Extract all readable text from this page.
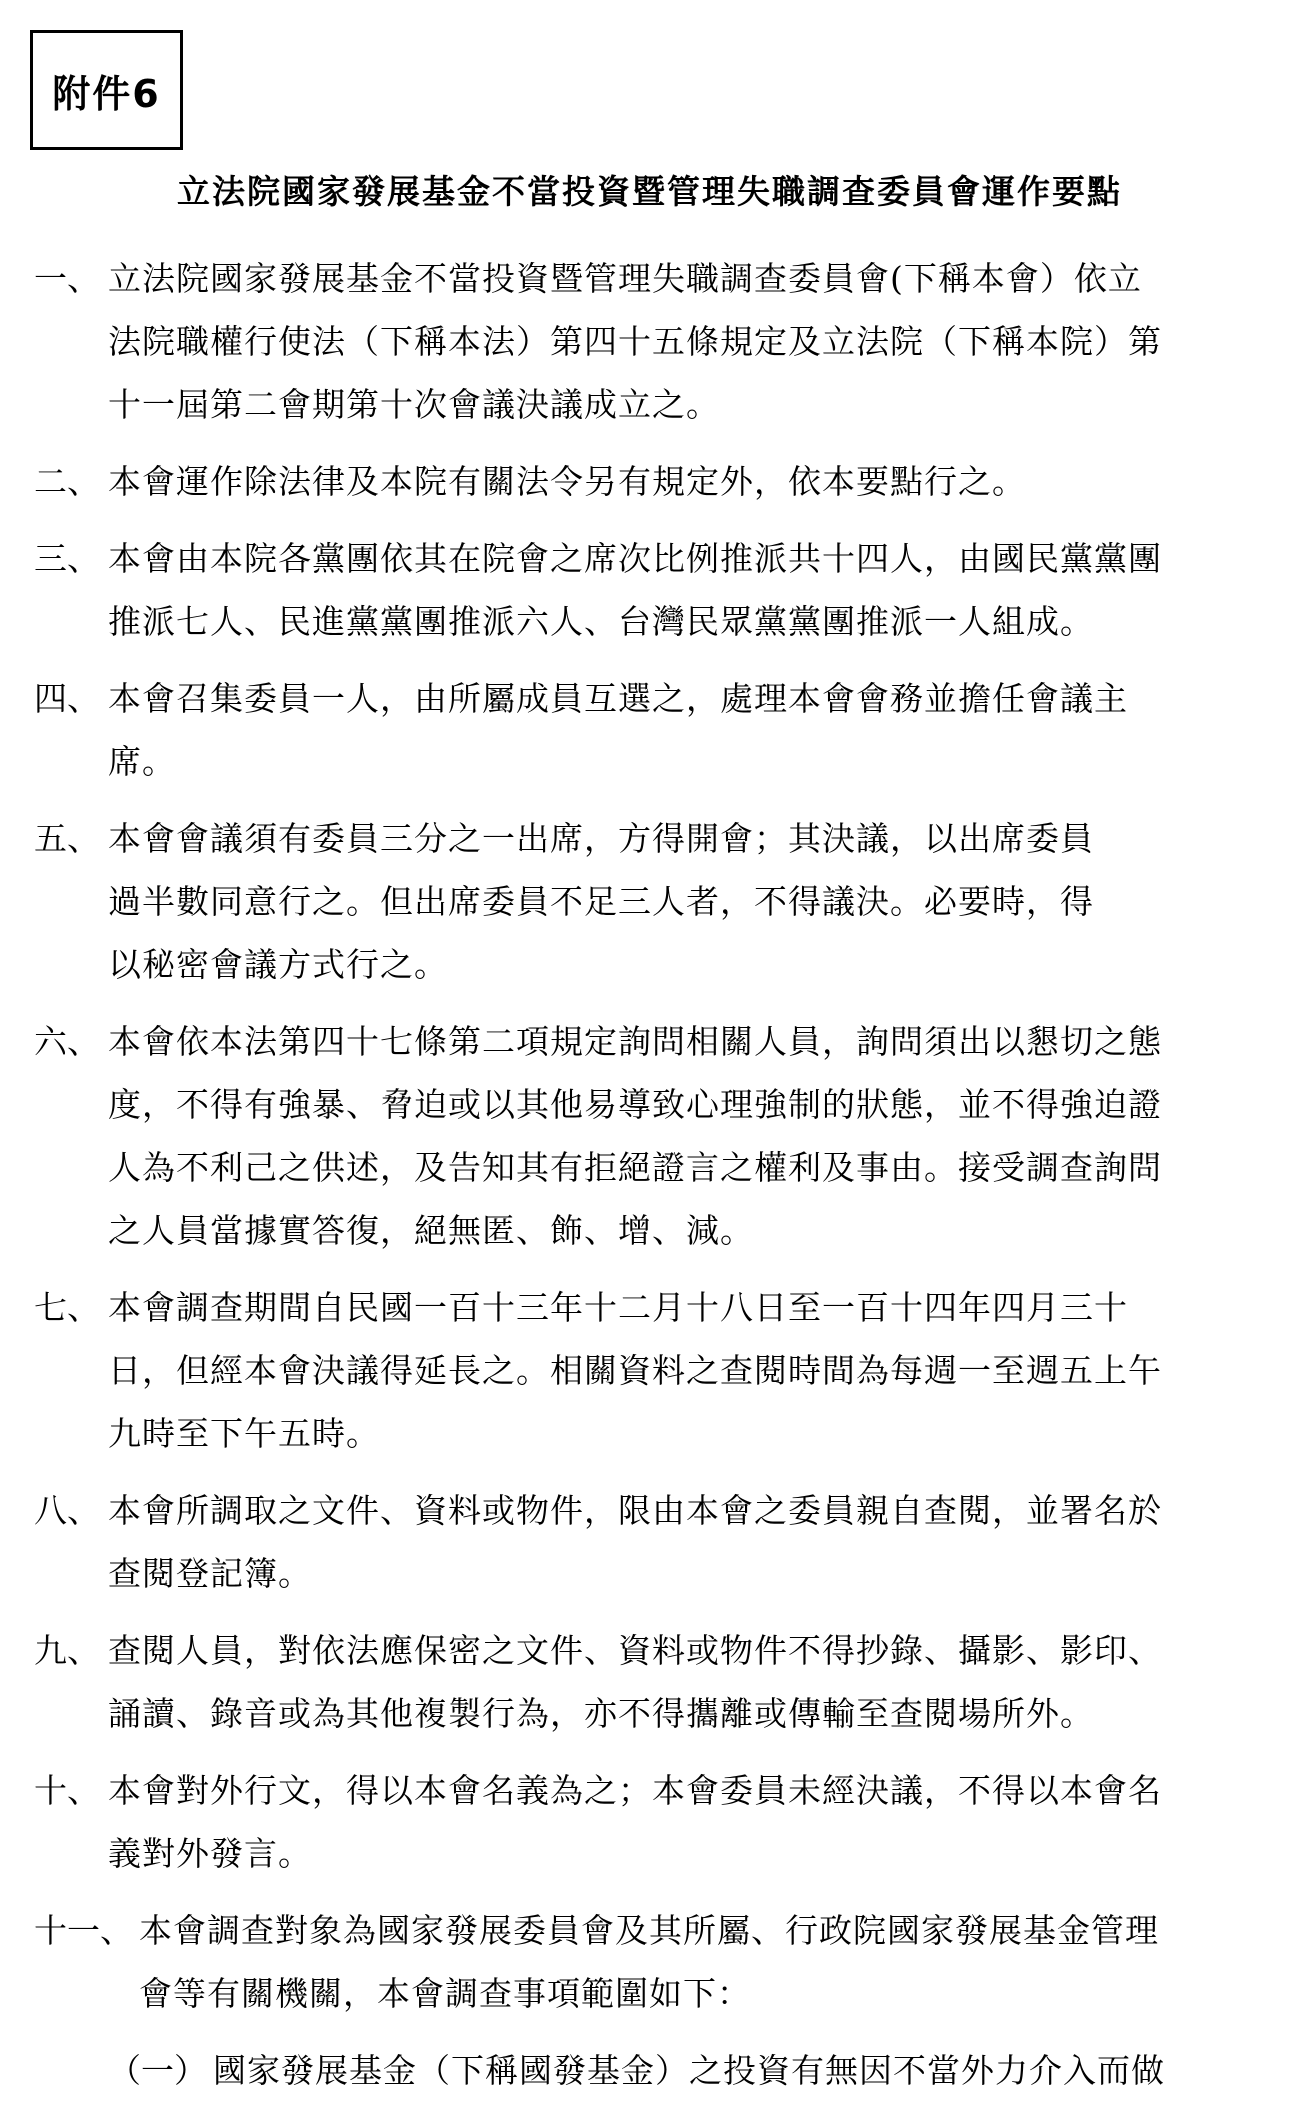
附件6
立法院國家發展基金不當投資暨管理失職調查委員會運作要點
一、 立法院國家發展基金不當投資暨管理失職調查委員會(下稱本會）依立
法院職權行使法（下稱本法）第四十五條規定及立法院（下稱本院）第
十一屆第二會期第十次會議決議成立之。
二、 本會運作除法律及本院有關法令另有規定外，依本要點行之。
三、 本會由本院各黨團依其在院會之席次比例推派共十四人，由國民黨黨團
推派七人、民進黨黨團推派六人、台灣民眾黨黨團推派一人組成。
四、 本會召集委員一人，由所屬成員互選之，處理本會會務並擔任會議主
席。
五、 本會會議須有委員三分之一出席，方得開會；其決議，以出席委員
過半數同意行之。但出席委員不足三人者，不得議決。必要時，得
以秘密會議方式行之。
六、 本會依本法第四十七條第二項規定詢問相關人員，詢問須出以懇切之態
度，不得有強暴、脅迫或以其他易導致心理強制的狀態，並不得強迫證
人為不利己之供述，及告知其有拒絕證言之權利及事由。接受調查詢問
之人員當據實答復，絕無匿、飾、增、減。
七、 本會調查期間自民國一百十三年十二月十八日至一百十四年四月三十
日，但經本會決議得延長之。相關資料之查閱時間為每週一至週五上午
九時至下午五時。
八、 本會所調取之文件、資料或物件，限由本會之委員親自查閱，並署名於
查閱登記簿。
九、 查閱人員，對依法應保密之文件、資料或物件不得抄錄、攝影、影印、
誦讀、錄音或為其他複製行為，亦不得攜離或傳輸至查閱場所外。
十、 本會對外行文，得以本會名義為之；本會委員未經決議，不得以本會名
義對外發言。
十一、 本會調查對象為國家發展委員會及其所屬、行政院國家發展基金管理
會等有關機關，本會調查事項範圍如下：
（一） 國家發展基金（下稱國發基金）之投資有無因不當外力介入而做
